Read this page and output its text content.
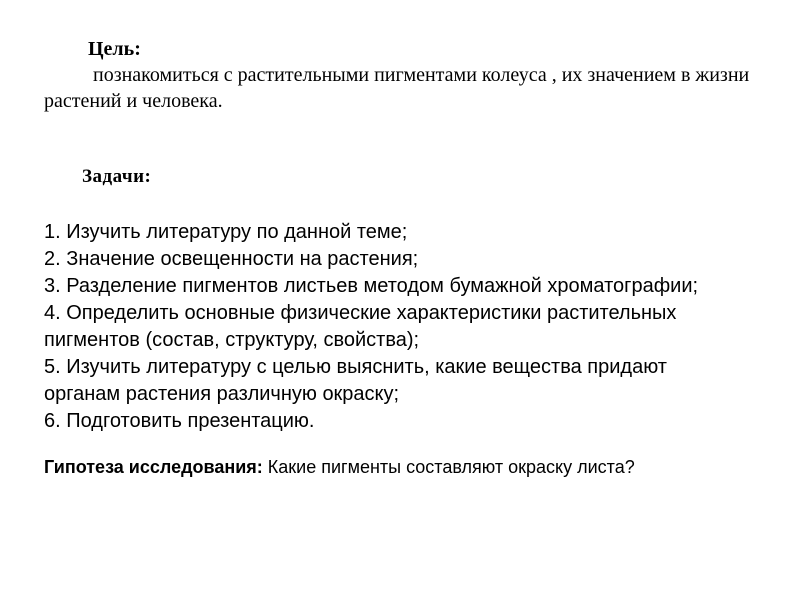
Цель:

познакомиться с растительными пигментами колеуса , их значением в жизни растений и человека.

Задачи:

1. Изучить литературу по данной теме;

2. Значение освещенности на растения;

3. Разделение пигментов листьев методом бумажной хроматографии;

4. Определить основные физические характеристики растительных пигментов (состав, структуру, свойства);

5. Изучить литературу с целью выяснить, какие вещества придают органам растения различную окраску;

6. Подготовить презентацию.

Гипотеза исследования: Какие пигменты составляют окраску листа?
